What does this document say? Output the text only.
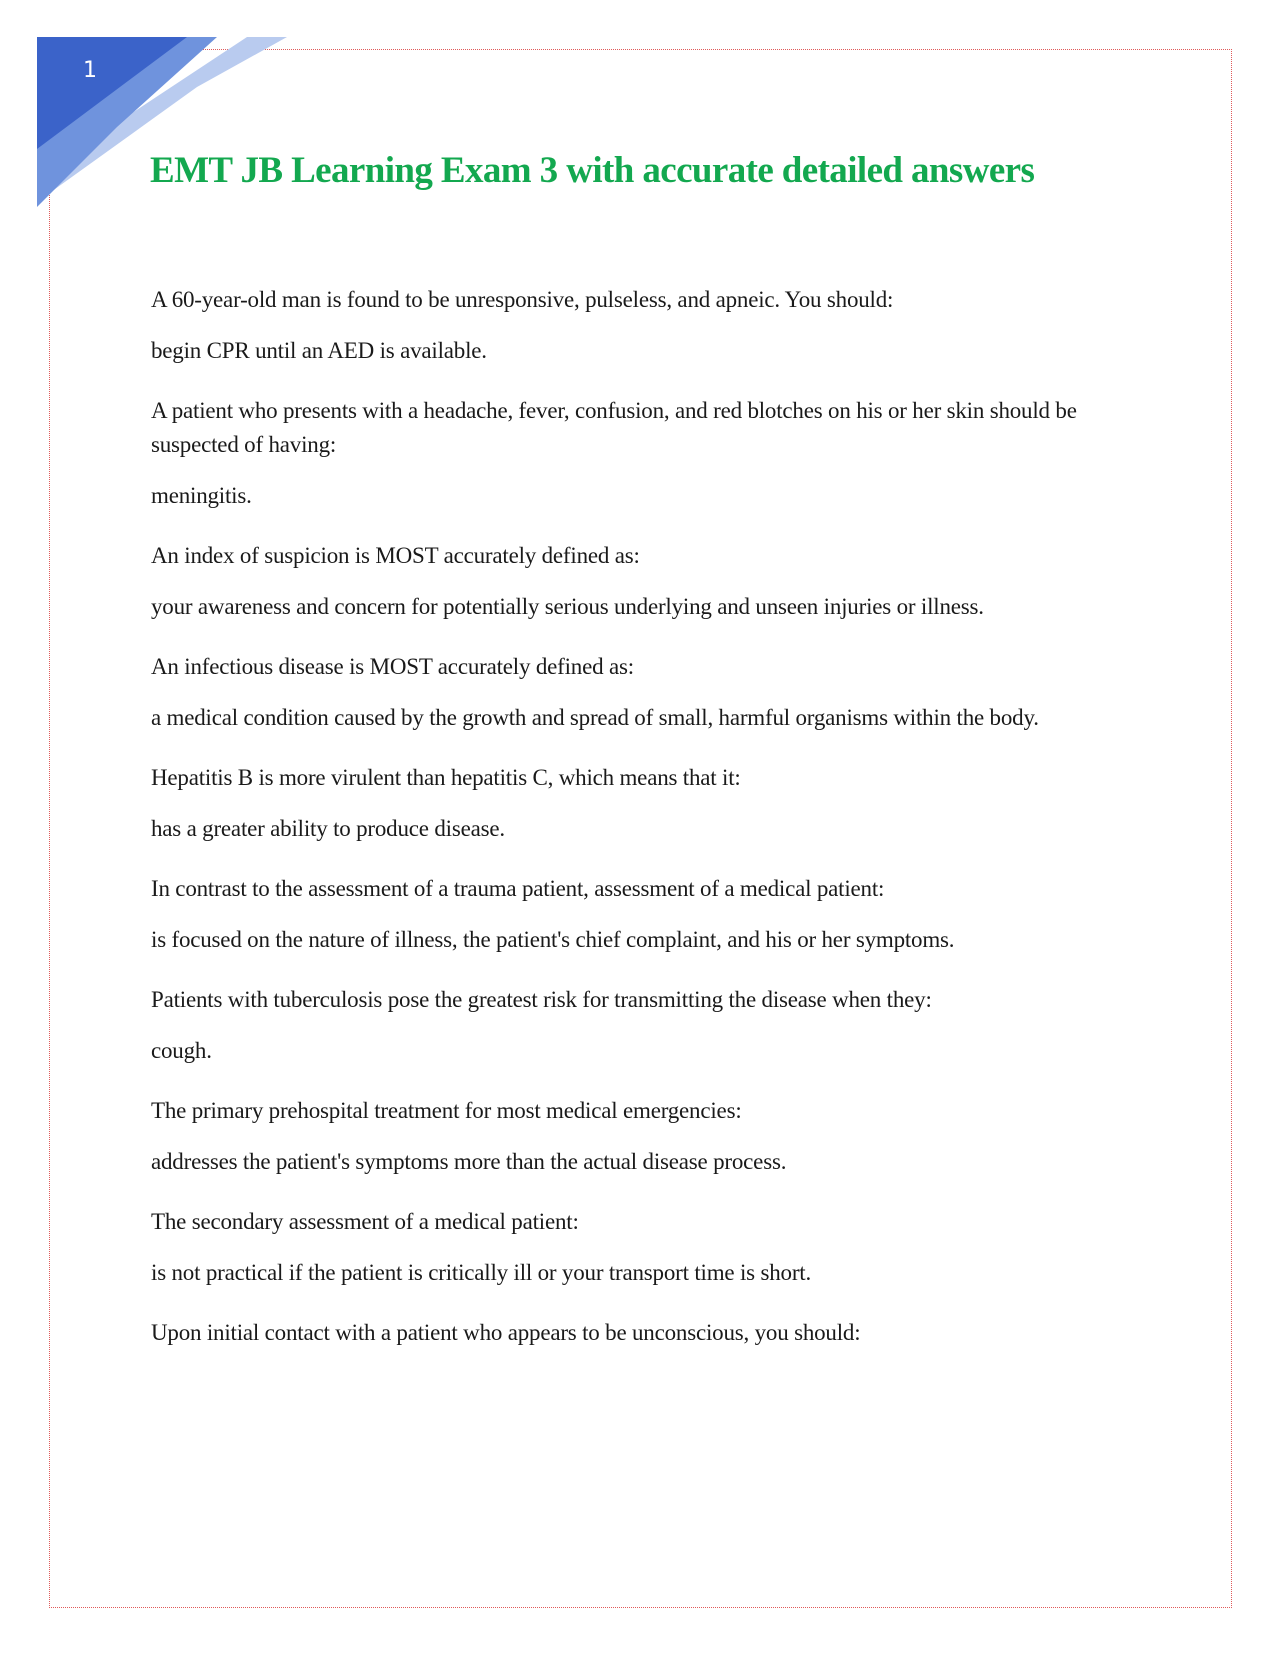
1
EMT JB Learning Exam 3 with accurate detailed answers

A 60-year-old man is found to be unresponsive, pulseless, and apneic. You should:

begin CPR until an AED is available.

A patient who presents with a headache, fever, confusion, and red blotches on his or her skin should be suspected of having:

meningitis.

An index of suspicion is MOST accurately defined as:

your awareness and concern for potentially serious underlying and unseen injuries or illness.

An infectious disease is MOST accurately defined as:

a medical condition caused by the growth and spread of small, harmful organisms within the body.

Hepatitis B is more virulent than hepatitis C, which means that it:

has a greater ability to produce disease.

In contrast to the assessment of a trauma patient, assessment of a medical patient:

is focused on the nature of illness, the patient's chief complaint, and his or her symptoms.

Patients with tuberculosis pose the greatest risk for transmitting the disease when they:

cough.

The primary prehospital treatment for most medical emergencies:

addresses the patient's symptoms more than the actual disease process.

The secondary assessment of a medical patient:

is not practical if the patient is critically ill or your transport time is short.

Upon initial contact with a patient who appears to be unconscious, you should:
